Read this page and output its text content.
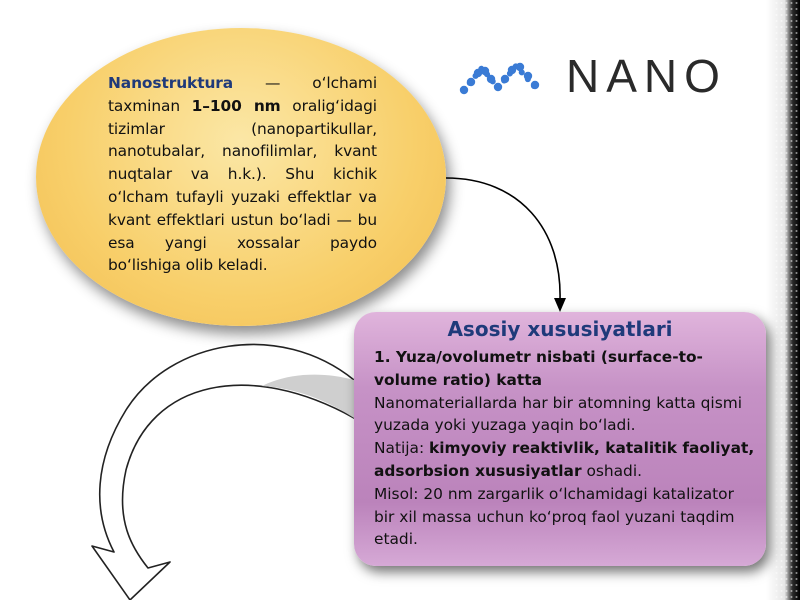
Nanostruktura — oʻlchami taxminan 1–100 nm oraligʻidagi tizimlar (nanopartikullar, nanotubalar, nanofilimlar, kvant nuqtalar va h.k.). Shu kichik oʻlcham tufayli yuzaki effektlar va kvant effektlari ustun boʻladi — bu esa yangi xossalar paydo boʻlishiga olib keladi.
NANO
Asosiy xususiyatlari
1. Yuza/ovolumetr nisbati (surface-to-volume ratio) katta
Nanomateriallarda har bir atomning katta qismi yuzada yoki yuzaga yaqin boʻladi.
Natija: kimyoviy reaktivlik, katalitik faoliyat, adsorbsion xususiyatlar oshadi.
Misol: 20 nm zargarlik oʻlchamidagi katalizator bir xil massa uchun koʻproq faol yuzani taqdim etadi.
